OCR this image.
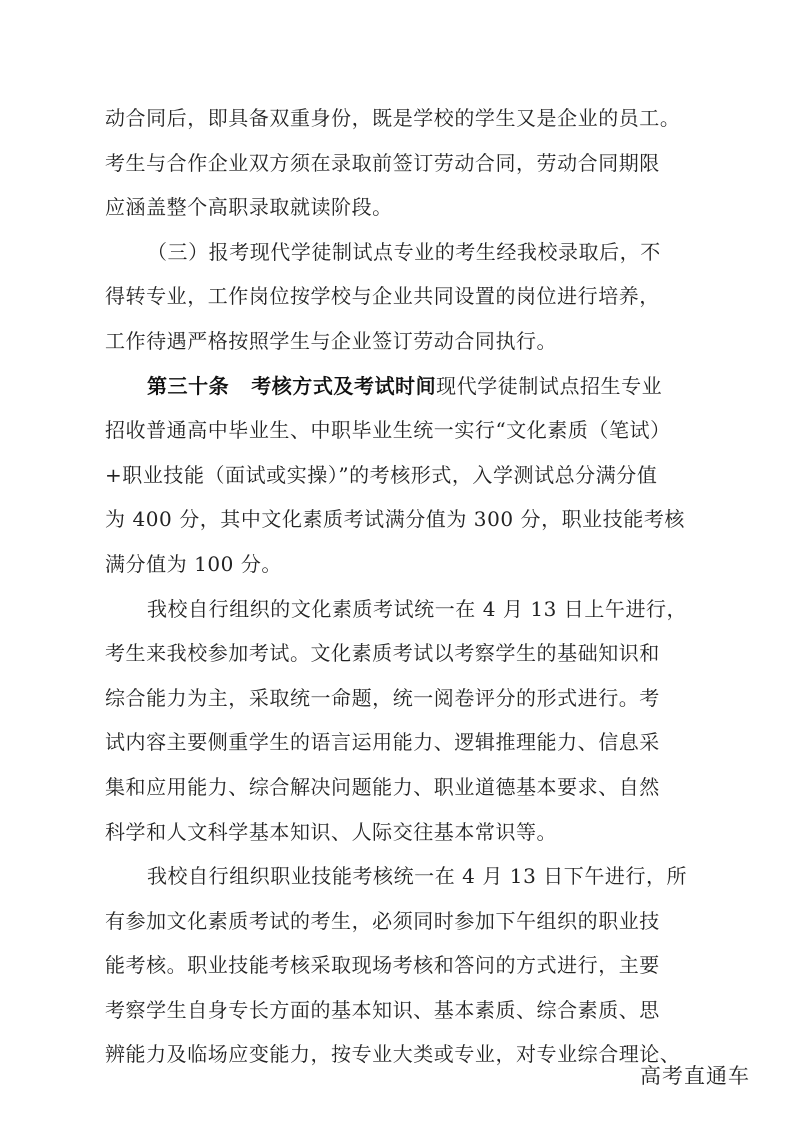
动合同后，即具备双重身份，既是学校的学生又是企业的员工。
考生与合作企业双方须在录取前签订劳动合同，劳动合同期限
应涵盖整个高职录取就读阶段。
（三）报考现代学徒制试点专业的考生经我校录取后，不
得转专业，工作岗位按学校与企业共同设置的岗位进行培养，
工作待遇严格按照学生与企业签订劳动合同执行。
第三十条 考核方式及考试时间现代学徒制试点招生专业
招收普通高中毕业生、中职毕业生统一实行“文化素质（笔试）
+职业技能（面试或实操）”的考核形式，入学测试总分满分值
为 400 分，其中文化素质考试满分值为 300 分，职业技能考核
满分值为 100 分。
我校自行组织的文化素质考试统一在 4 月 13 日上午进行，
考生来我校参加考试。文化素质考试以考察学生的基础知识和
综合能力为主，采取统一命题，统一阅卷评分的形式进行。考
试内容主要侧重学生的语言运用能力、逻辑推理能力、信息采
集和应用能力、综合解决问题能力、职业道德基本要求、自然
科学和人文科学基本知识、人际交往基本常识等。
我校自行组织职业技能考核统一在 4 月 13 日下午进行，所
有参加文化素质考试的考生，必须同时参加下午组织的职业技
能考核。职业技能考核采取现场考核和答问的方式进行，主要
考察学生自身专长方面的基本知识、基本素质、综合素质、思
辨能力及临场应变能力，按专业大类或专业，对专业综合理论、
高考直通车
